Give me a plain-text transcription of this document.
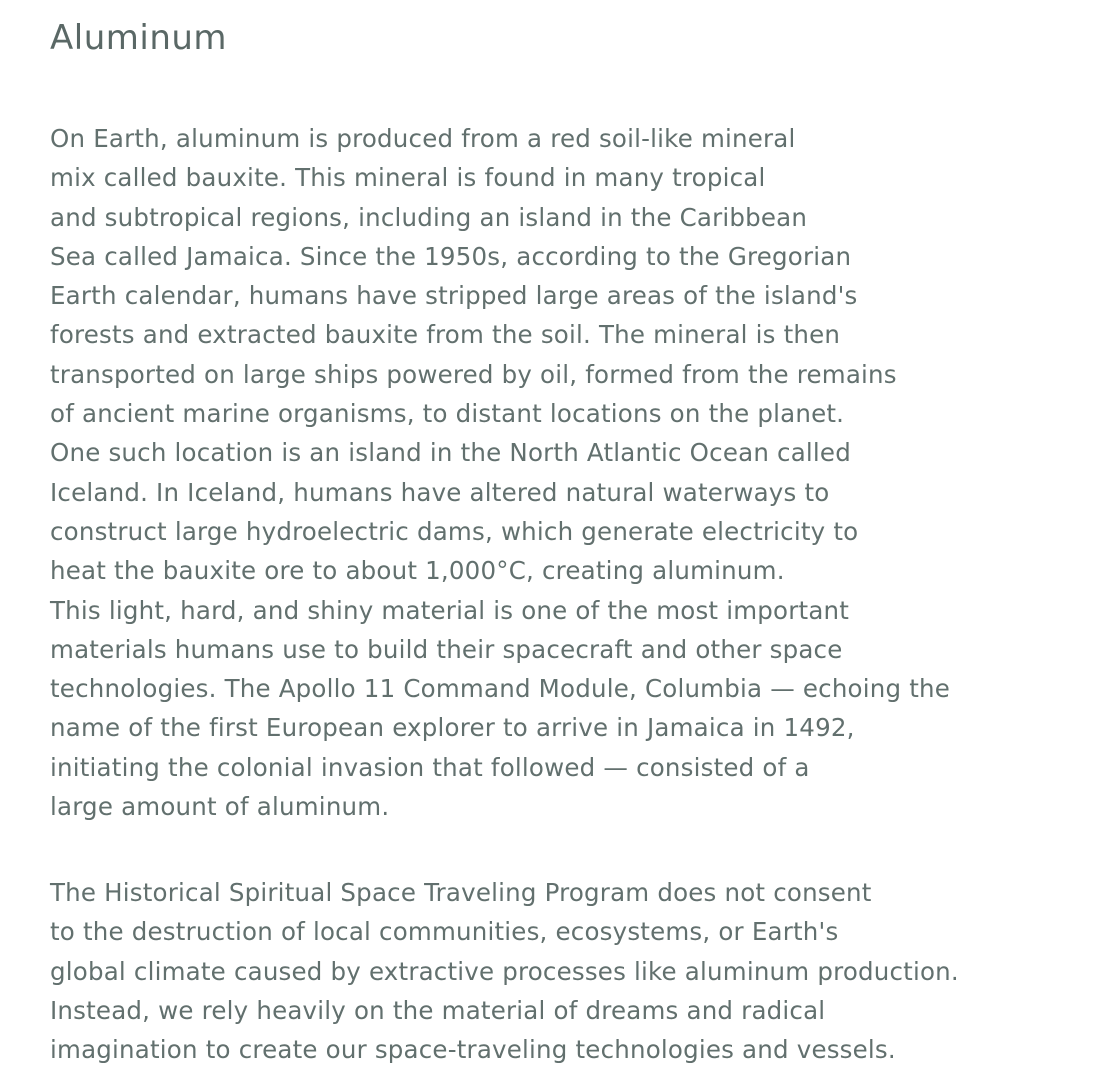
Aluminum
On Earth, aluminum is produced from a red soil-like mineral
mix called bauxite. This mineral is found in many tropical
and subtropical regions, including an island in the Caribbean
Sea called Jamaica. Since the 1950s, according to the Gregorian
Earth calendar, humans have stripped large areas of the island's
forests and extracted bauxite from the soil. The mineral is then
transported on large ships powered by oil, formed from the remains
of ancient marine organisms, to distant locations on the planet.
One such location is an island in the North Atlantic Ocean called
Iceland. In Iceland, humans have altered natural waterways to
construct large hydroelectric dams, which generate electricity to
heat the bauxite ore to about 1,000°C, creating aluminum.
This light, hard, and shiny material is one of the most important
materials humans use to build their spacecraft and other space
technologies. The Apollo 11 Command Module, Columbia — echoing the
name of the first European explorer to arrive in Jamaica in 1492,
initiating the colonial invasion that followed — consisted of a
large amount of aluminum.
The Historical Spiritual Space Traveling Program does not consent
to the destruction of local communities, ecosystems, or Earth's
global climate caused by extractive processes like aluminum production.
Instead, we rely heavily on the material of dreams and radical
imagination to create our space-traveling technologies and vessels.
